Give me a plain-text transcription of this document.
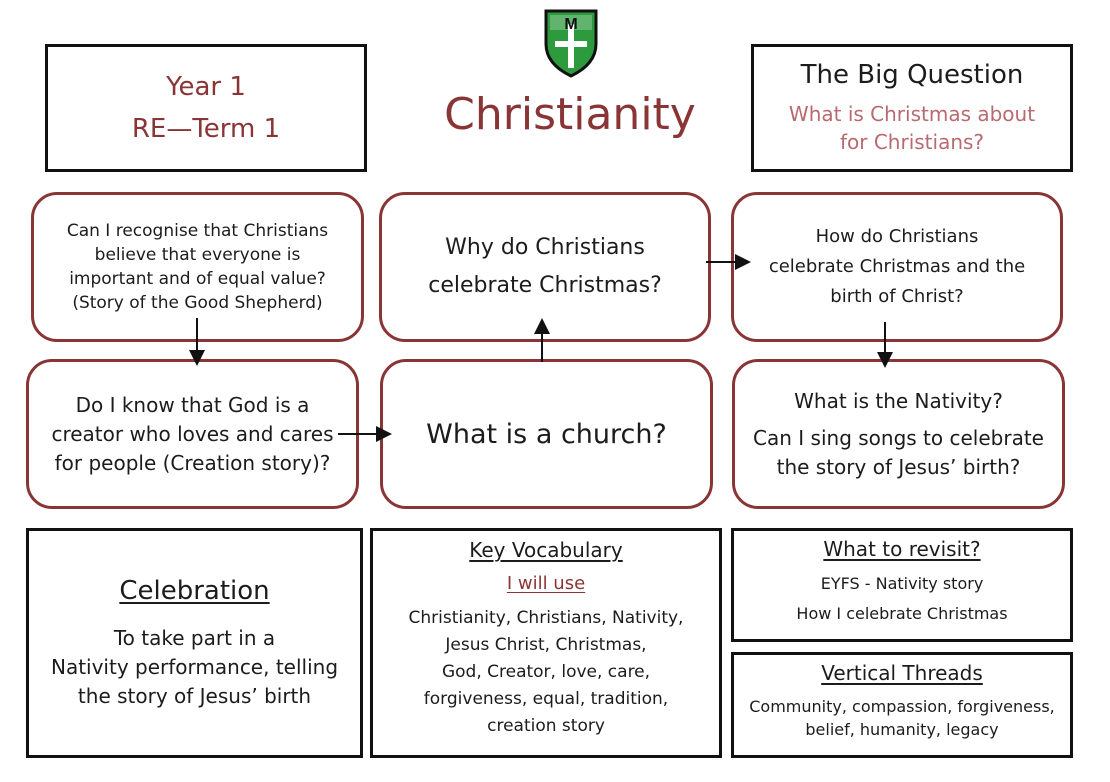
Year 1
RE—Term 1
M
Christianity
The Big Question
What is Christmas about
for Christians?
Can I recognise that Christians
believe that everyone is
important and of equal value?
(Story of the Good Shepherd)
Why do Christians
celebrate Christmas?
How do Christians
celebrate Christmas and the
birth of Christ?
Do I know that God is a
creator who loves and cares
for people (Creation story)?
What is a church?
What is the Nativity?
Can I sing songs to celebrate
the story of Jesus’ birth?
Celebration
To take part in a
Nativity performance, telling
the story of Jesus’ birth
Key Vocabulary
I will use
Christianity, Christians, Nativity,
Jesus Christ, Christmas,
God, Creator, love, care,
forgiveness, equal, tradition,
creation story
What to revisit?
EYFS - Nativity story
How I celebrate Christmas
Vertical Threads
Community, compassion, forgiveness,
belief, humanity, legacy
